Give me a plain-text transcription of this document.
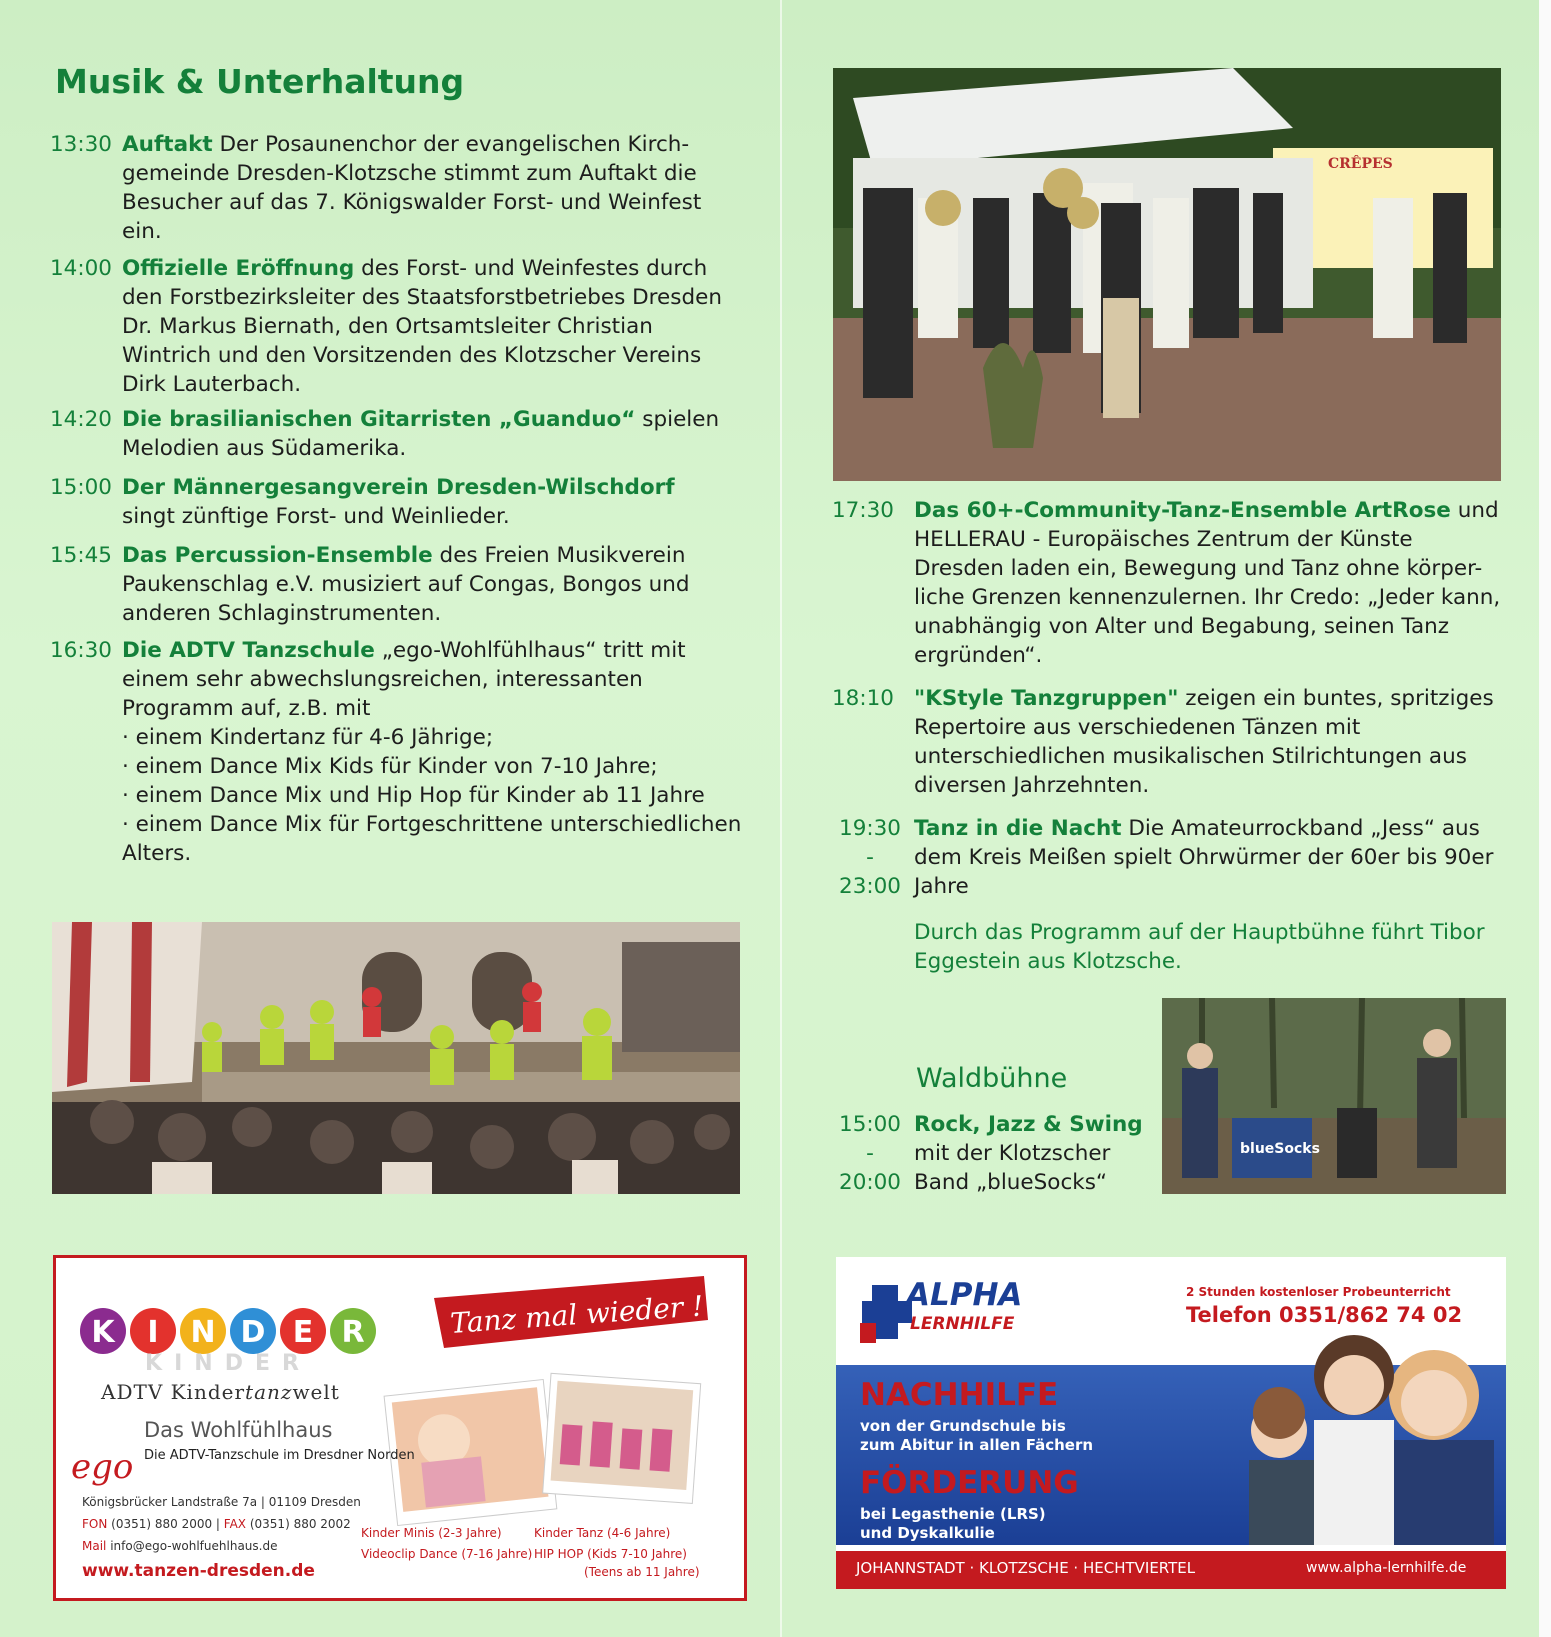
Musik & Unterhaltung
13:30 Auftakt Der Posaunenchor der evangelischen Kirch- gemeinde Dresden-Klotzsche stimmt zum Auftakt die Besucher auf das 7. Königswalder Forst- und Weinfest ein.
14:00 Offizielle Eröffnung des Forst- und Weinfestes durch den Forstbezirksleiter des Staatsforstbetriebes Dresden Dr. Markus Biernath, den Ortsamtsleiter Christian Wintrich und den Vorsitzenden des Klotzscher Vereins Dirk Lauterbach.
14:20 Die brasilianischen Gitarristen „Guanduo“ spielen Melodien aus Südamerika.
15:00 Der Männergesangverein Dresden-Wilschdorf singt zünftige Forst- und Weinlieder.
15:45 Das Percussion-Ensemble des Freien Musikverein Paukenschlag e.V. musiziert auf Congas, Bongos und anderen Schlaginstrumenten.
16:30 Die ADTV Tanzschule „ego-Wohlfühlhaus“ tritt mit einem sehr abwechslungsreichen, interessanten Programm auf, z.B. mit
· einem Kindertanz für 4-6 Jährige;
· einem Dance Mix Kids für Kinder von 7-10 Jahre;
· einem Dance Mix und Hip Hop für Kinder ab 11 Jahre
· einem Dance Mix für Fortgeschrittene unterschiedlichen Alters.
K I N D E R
KINDER
Tanz mal wieder !
ego
ADTV Kindertanzwelt
Das Wohlfühlhaus
Die ADTV-Tanzschule im Dresdner Norden
Königsbrücker Landstraße 7a | 01109 Dresden
FON (0351) 880 2000 | FAX (0351) 880 2002
Mail info@ego-wohlfuehlhaus.de
www.tanzen-dresden.de
Kinder Minis (2-3 Jahre)
Videoclip Dance (7-16 Jahre)
Kinder Tanz (4-6 Jahre)
HIP HOP (Kids 7-10 Jahre)
(Teens ab 11 Jahre)
CRÊPES
17:30 Das 60+-Community-Tanz-Ensemble ArtRose und HELLERAU - Europäisches Zentrum der Künste Dresden laden ein, Bewegung und Tanz ohne körper- liche Grenzen kennenzulernen. Ihr Credo: „Jeder kann, unabhängig von Alter und Begabung, seinen Tanz ergründen“.
18:10 "KStyle Tanzgruppen" zeigen ein buntes, spritziges Repertoire aus verschiedenen Tänzen mit unterschiedlichen musikalischen Stilrichtungen aus diversen Jahrzehnten.
19:30
-
23:00
Tanz in die Nacht Die Amateurrockband „Jess“ aus dem Kreis Meißen spielt Ohrwürmer der 60er bis 90er Jahre
Durch das Programm auf der Hauptbühne führt Tibor Eggestein aus Klotzsche.
Waldbühne
15:00
-
20:00
Rock, Jazz & Swing
mit der Klotzscher
Band „blueSocks“
blueSocks
ALPHA
LERNHILFE
2 Stunden kostenloser Probeunterricht
Telefon 0351/862 74 02
NACHHILFE
von der Grundschule bis
zum Abitur in allen Fächern
FÖRDERUNG
bei Legasthenie (LRS)
und Dyskalkulie
JOHANNSTADT · KLOTZSCHE · HECHTVIERTEL	www.alpha-lernhilfe.de
